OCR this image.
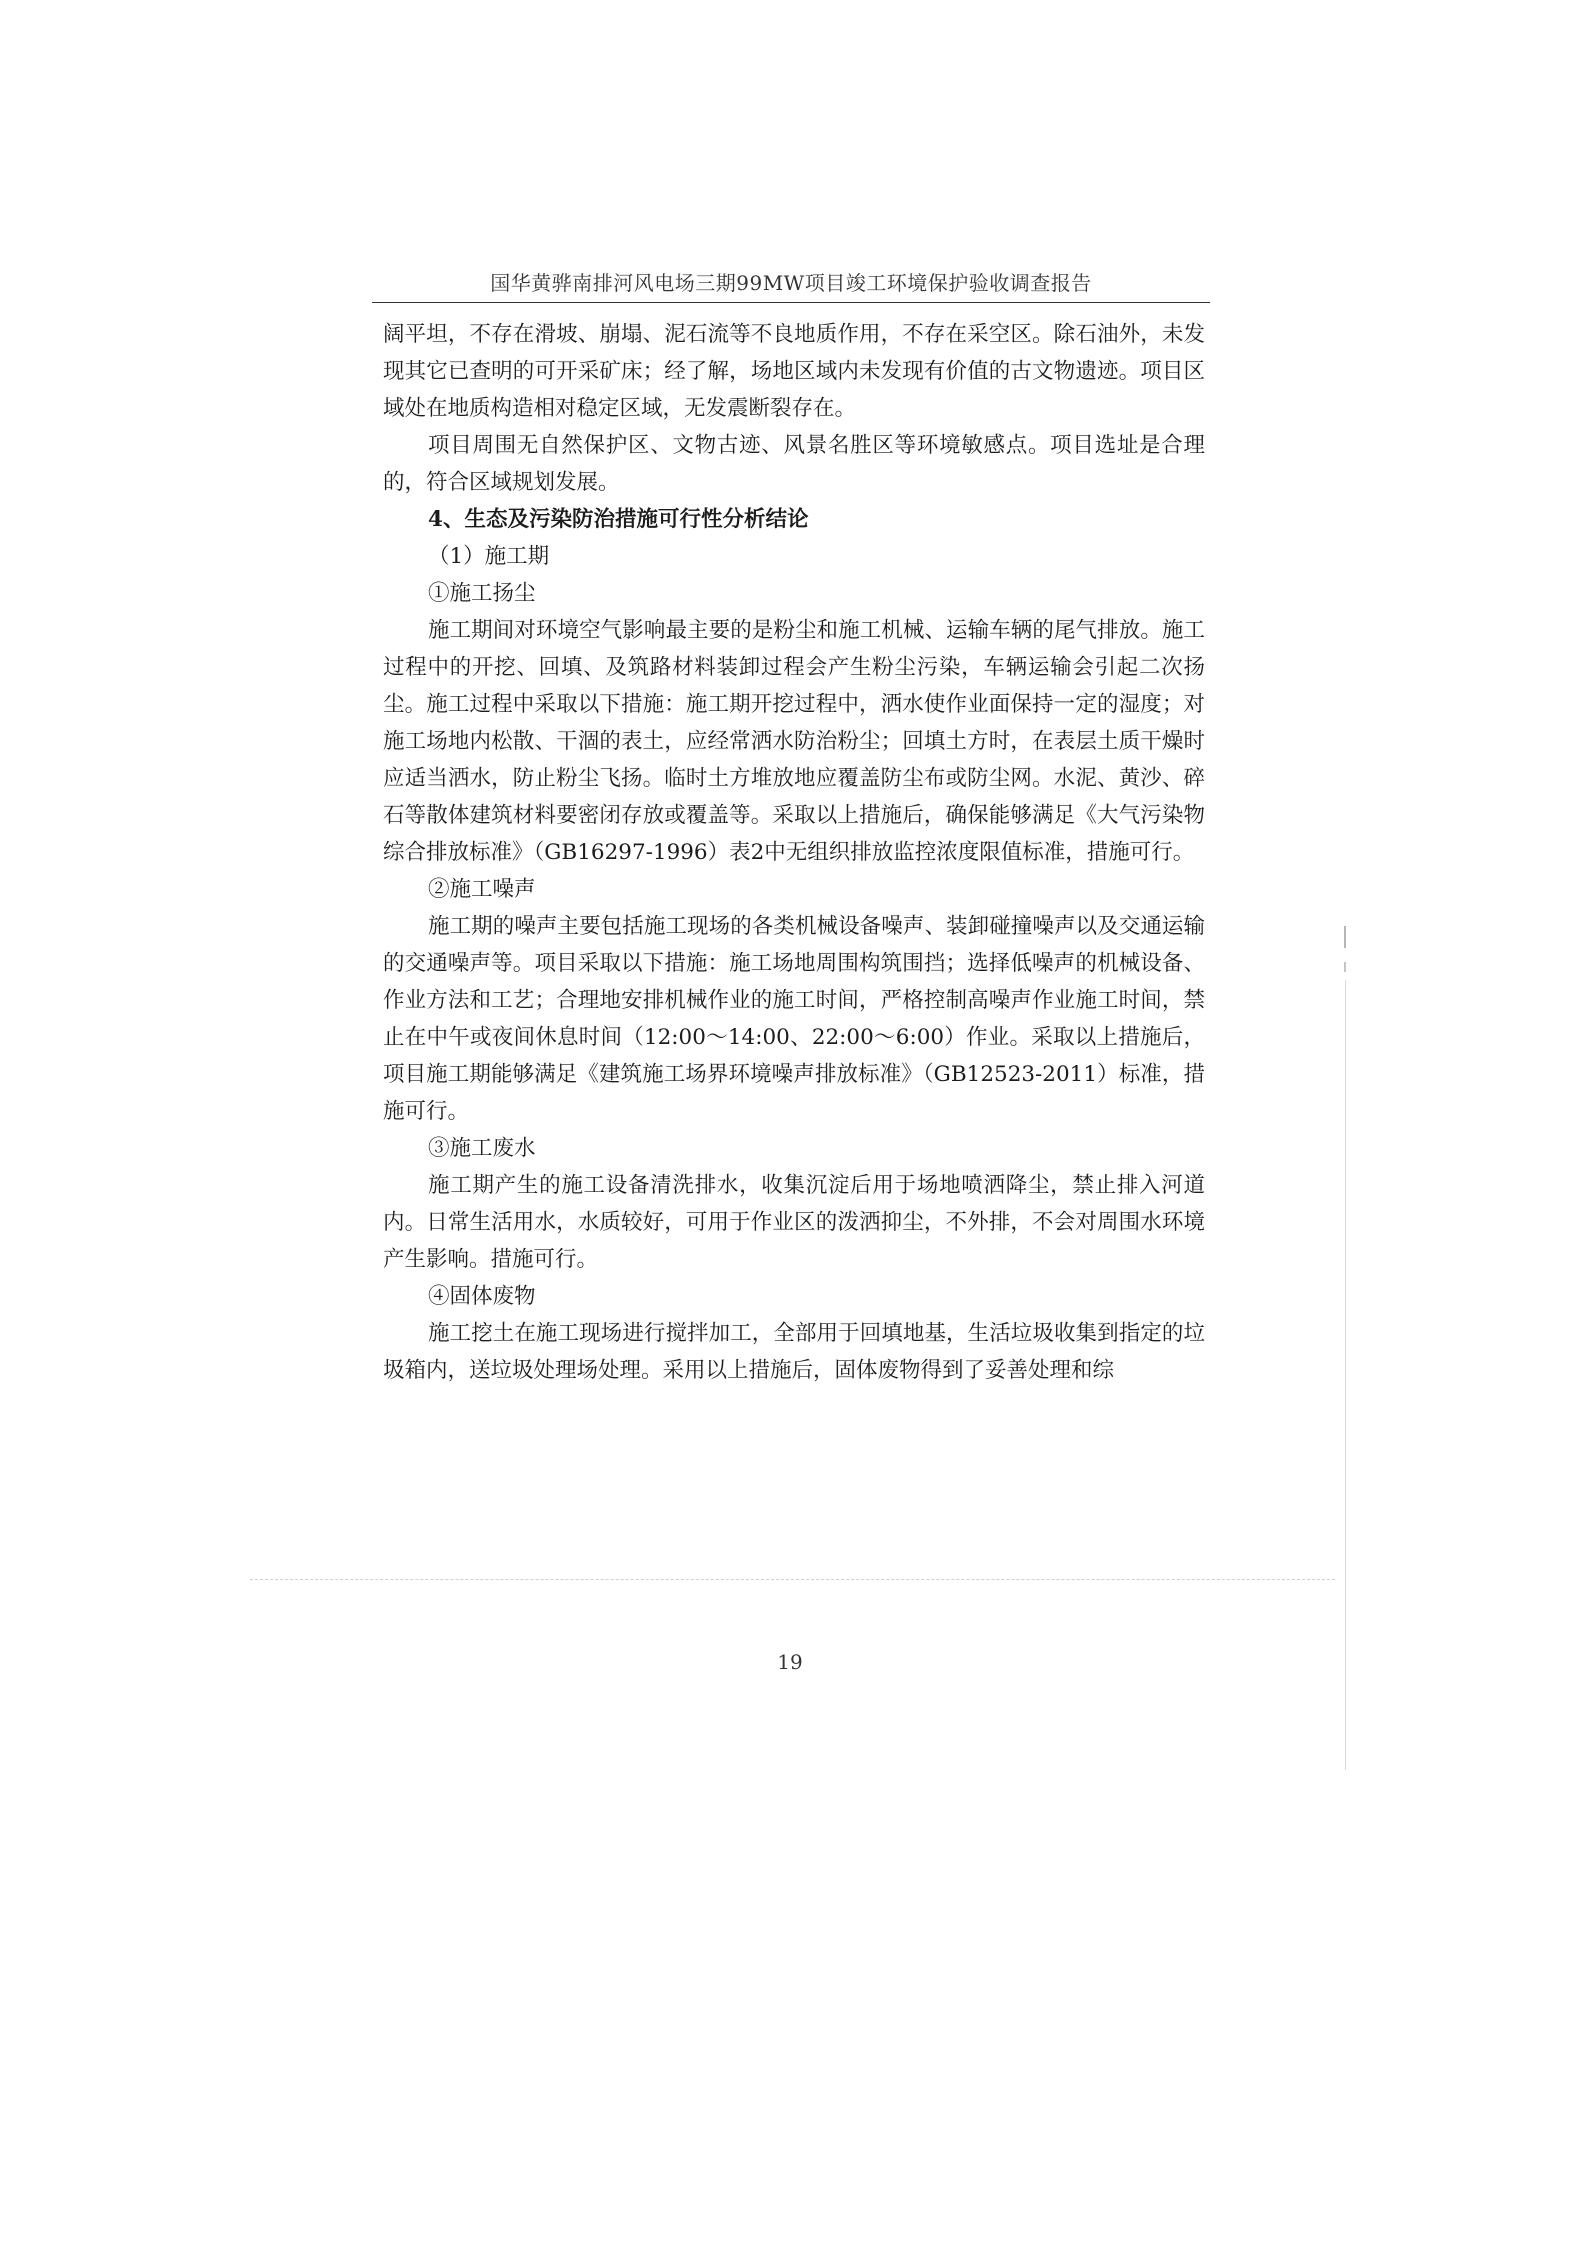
国华黄骅南排河风电场三期99MW项目竣工环境保护验收调查报告

阔平坦，不存在滑坡、崩塌、泥石流等不良地质作用，不存在采空区。除石油外，未发现其它已查明的可开采矿床；经了解，场地区域内未发现有价值的古文物遗迹。项目区域处在地质构造相对稳定区域，无发震断裂存在。

项目周围无自然保护区、文物古迹、风景名胜区等环境敏感点。项目选址是合理的，符合区域规划发展。

4、生态及污染防治措施可行性分析结论

（1）施工期

①施工扬尘

施工期间对环境空气影响最主要的是粉尘和施工机械、运输车辆的尾气排放。施工过程中的开挖、回填、及筑路材料装卸过程会产生粉尘污染，车辆运输会引起二次扬尘。施工过程中采取以下措施：施工期开挖过程中，洒水使作业面保持一定的湿度；对施工场地内松散、干涸的表土，应经常洒水防治粉尘；回填土方时，在表层土质干燥时应适当洒水，防止粉尘飞扬。临时土方堆放地应覆盖防尘布或防尘网。水泥、黄沙、碎石等散体建筑材料要密闭存放或覆盖等。采取以上措施后，确保能够满足《大气污染物综合排放标准》（GB16297-1996）表2中无组织排放监控浓度限值标准，措施可行。

②施工噪声

施工期的噪声主要包括施工现场的各类机械设备噪声、装卸碰撞噪声以及交通运输的交通噪声等。项目采取以下措施：施工场地周围构筑围挡；选择低噪声的机械设备、作业方法和工艺；合理地安排机械作业的施工时间，严格控制高噪声作业施工时间，禁止在中午或夜间休息时间（12:00～14:00、22:00～6:00）作业。采取以上措施后，项目施工期能够满足《建筑施工场界环境噪声排放标准》（GB12523-2011）标准，措施可行。

③施工废水

施工期产生的施工设备清洗排水，收集沉淀后用于场地喷洒降尘，禁止排入河道内。日常生活用水，水质较好，可用于作业区的泼洒抑尘，不外排，不会对周围水环境产生影响。措施可行。

④固体废物

施工挖土在施工现场进行搅拌加工，全部用于回填地基，生活垃圾收集到指定的垃圾箱内，送垃圾处理场处理。采用以上措施后，固体废物得到了妥善处理和综

19
